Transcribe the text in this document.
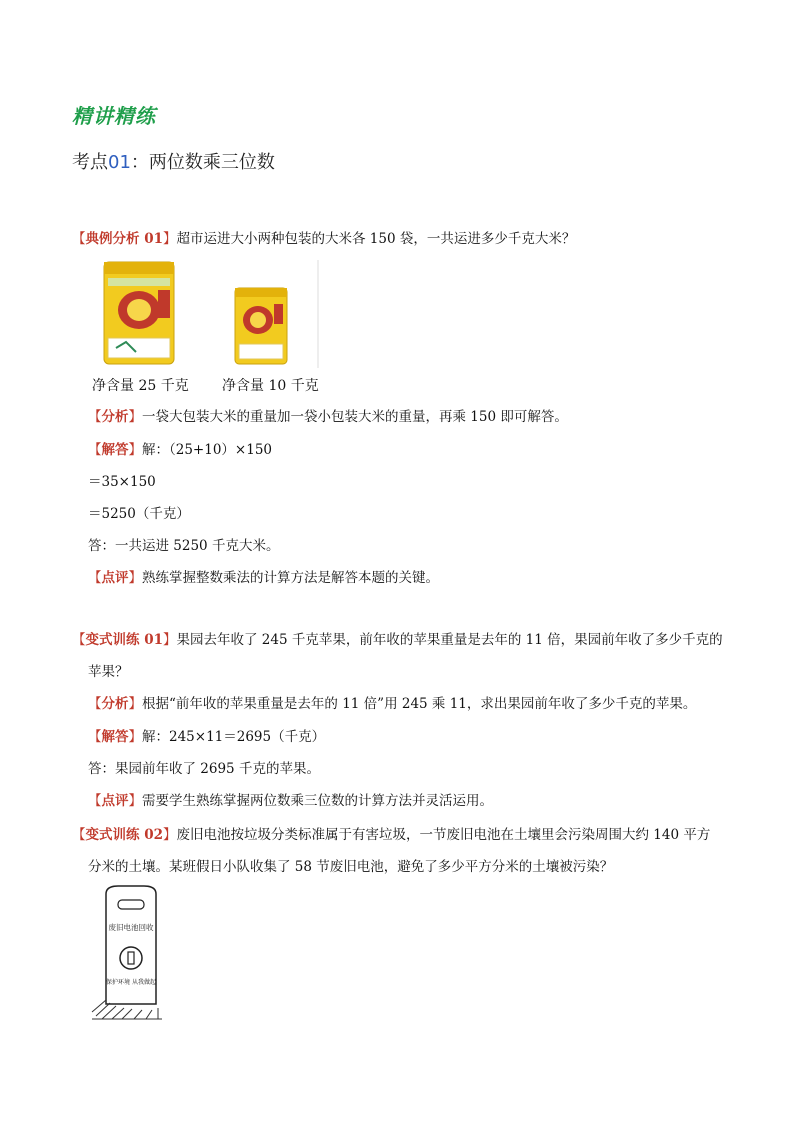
精讲精练
考点01：两位数乘三位数
【典例分析 01】超市运进大小两种包装的大米各 150 袋，一共运进多少千克大米？
净含量 25 千克 净含量 10 千克
【分析】一袋大包装大米的重量加一袋小包装大米的重量，再乘 150 即可解答。
【解答】解：（25+10）×150
＝35×150
＝5250（千克）
答：一共运进 5250 千克大米。
【点评】熟练掌握整数乘法的计算方法是解答本题的关键。
【变式训练 01】果园去年收了 245 千克苹果，前年收的苹果重量是去年的 11 倍，果园前年收了多少千克的
苹果？
【分析】根据“前年收的苹果重量是去年的 11 倍”用 245 乘 11，求出果园前年收了多少千克的苹果。
【解答】解：245×11＝2695（千克）
答：果园前年收了 2695 千克的苹果。
【点评】需要学生熟练掌握两位数乘三位数的计算方法并灵活运用。
【变式训练 02】废旧电池按垃圾分类标准属于有害垃圾，一节废旧电池在土壤里会污染周围大约 140 平方
分米的土壤。某班假日小队收集了 58 节废旧电池，避免了多少平方分米的土壤被污染？
废旧电池回收
保护环境 从我做起
